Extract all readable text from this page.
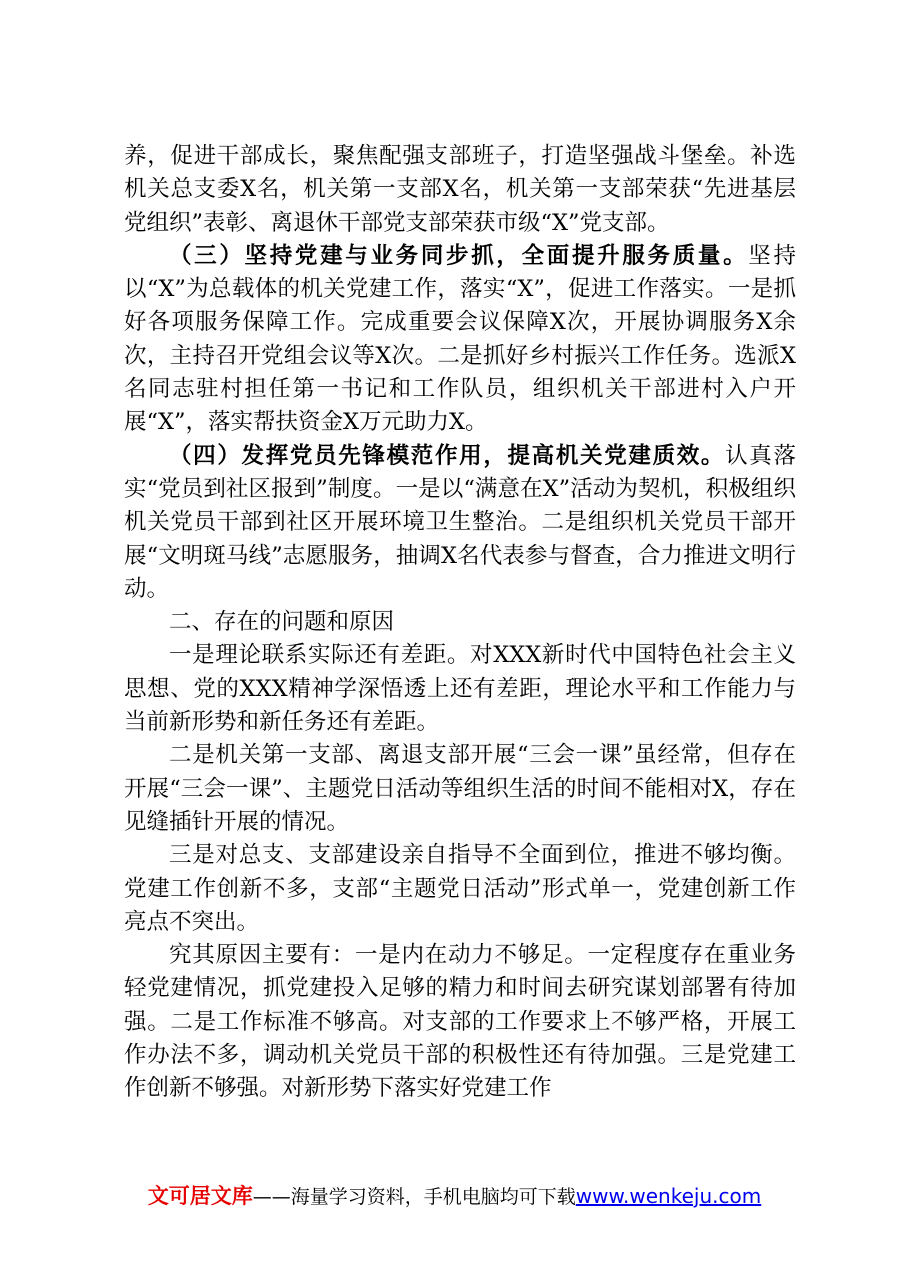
养，促进干部成长，聚焦配强支部班子，打造坚强战斗堡垒。补选机关总支委X名，机关第一支部X名，机关第一支部荣获“先进基层党组织”表彰、离退休干部党支部荣获市级“X”党支部。

（三）坚持党建与业务同步抓，全面提升服务质量。坚持以“X”为总载体的机关党建工作，落实“X”，促进工作落实。一是抓好各项服务保障工作。完成重要会议保障X次，开展协调服务X余次，主持召开党组会议等X次。二是抓好乡村振兴工作任务。选派X名同志驻村担任第一书记和工作队员，组织机关干部进村入户开展“X”，落实帮扶资金X万元助力X。

（四）发挥党员先锋模范作用，提高机关党建质效。认真落实“党员到社区报到”制度。一是以“满意在X”活动为契机，积极组织机关党员干部到社区开展环境卫生整治。二是组织机关党员干部开展“文明斑马线”志愿服务，抽调X名代表参与督查，合力推进文明行动。

二、存在的问题和原因

一是理论联系实际还有差距。对XXX新时代中国特色社会主义思想、党的XXX精神学深悟透上还有差距，理论水平和工作能力与当前新形势和新任务还有差距。

二是机关第一支部、离退支部开展“三会一课”虽经常，但存在开展“三会一课”、主题党日活动等组织生活的时间不能相对X，存在见缝插针开展的情况。

三是对总支、支部建设亲自指导不全面到位，推进不够均衡。党建工作创新不多，支部“主题党日活动”形式单一，党建创新工作亮点不突出。

究其原因主要有：一是内在动力不够足。一定程度存在重业务轻党建情况，抓党建投入足够的精力和时间去研究谋划部署有待加强。二是工作标准不够高。对支部的工作要求上不够严格，开展工作办法不多，调动机关党员干部的积极性还有待加强。三是党建工作创新不够强。对新形势下落实好党建工作

文可居文库——海量学习资料，手机电脑均可下载www.wenkeju.com
